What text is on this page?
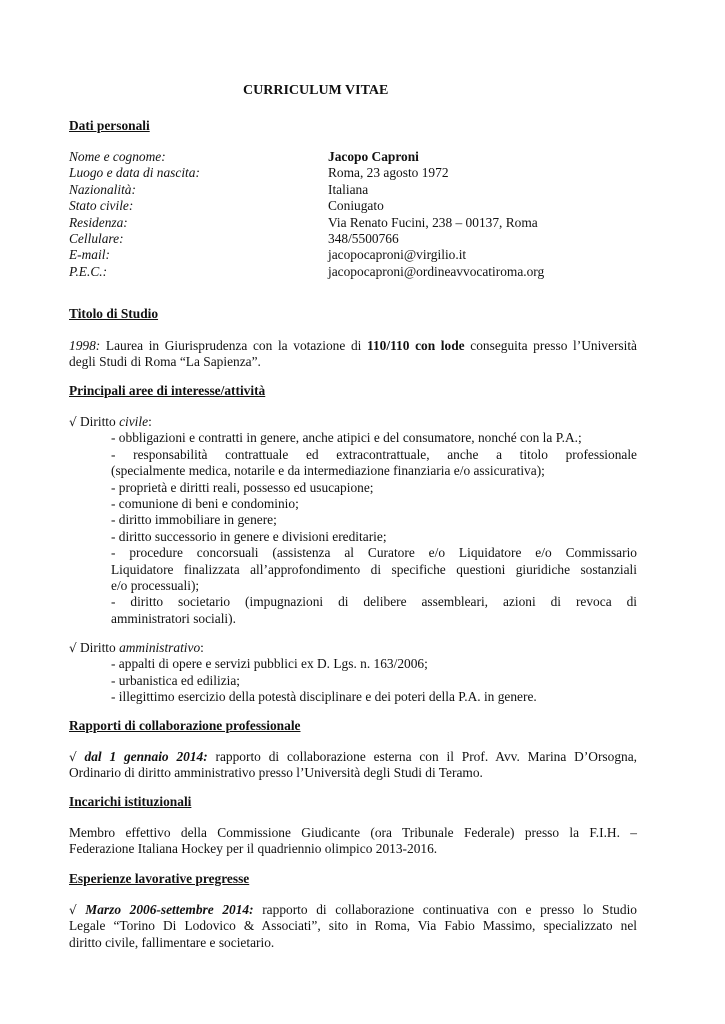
CURRICULUM VITAE
Dati personali
Nome e cognome:	Jacopo Caproni
Luogo e data di nascita:	Roma, 23 agosto 1972
Nazionalità:	Italiana
Stato civile:	Coniugato
Residenza:	Via Renato Fucini, 238 – 00137, Roma
Cellulare:	348/5500766
E-mail:	jacopocaproni@virgilio.it
P.E.C.:	jacopocaproni@ordineavvocatiroma.org
Titolo di Studio
1998: Laurea in Giurisprudenza con la votazione di 110/110 con lode conseguita presso l’Università degli Studi di Roma “La Sapienza”.
Principali aree di interesse/attività
√ Diritto civile:
- obbligazioni e contratti in genere, anche atipici e del consumatore, nonché con la P.A.;
- responsabilità contrattuale ed extracontrattuale, anche a titolo professionale
(specialmente medica, notarile e da intermediazione finanziaria e/o assicurativa);
- proprietà e diritti reali, possesso ed usucapione;
- comunione di beni e condominio;
- diritto immobiliare in genere;
- diritto successorio in genere e divisioni ereditarie;
- procedure concorsuali (assistenza al Curatore e/o Liquidatore e/o Commissario
Liquidatore finalizzata all’approfondimento di specifiche questioni giuridiche sostanziali
e/o processuali);
- diritto societario (impugnazioni di delibere assembleari, azioni di revoca di
amministratori sociali).
√ Diritto amministrativo:
- appalti di opere e servizi pubblici ex D. Lgs. n. 163/2006;
- urbanistica ed edilizia;
- illegittimo esercizio della potestà disciplinare e dei poteri della P.A. in genere.
Rapporti di collaborazione professionale
√ dal 1 gennaio 2014: rapporto di collaborazione esterna con il Prof. Avv. Marina D’Orsogna,
Ordinario di diritto amministrativo presso l’Università degli Studi di Teramo.
Incarichi istituzionali
Membro effettivo della Commissione Giudicante (ora Tribunale Federale) presso la F.I.H. –
Federazione Italiana Hockey per il quadriennio olimpico 2013-2016.
Esperienze lavorative pregresse
√ Marzo 2006-settembre 2014: rapporto di collaborazione continuativa con e presso lo Studio
Legale “Torino Di Lodovico & Associati”, sito in Roma, Via Fabio Massimo, specializzato nel
diritto civile, fallimentare e societario.
